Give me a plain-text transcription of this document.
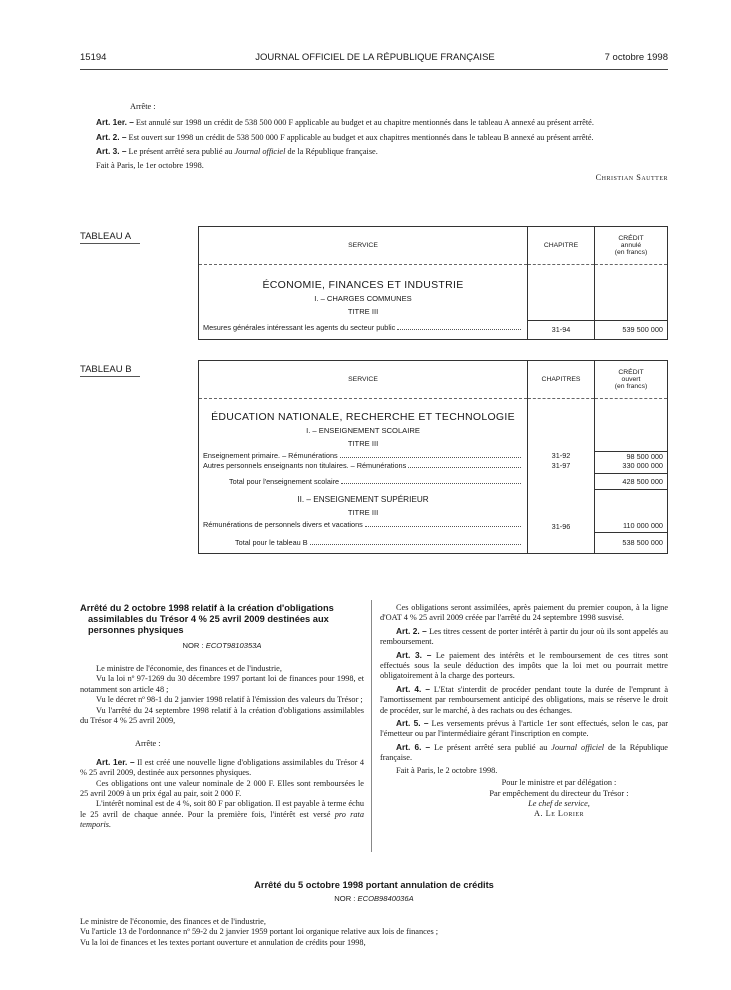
15194	JOURNAL OFFICIEL DE LA RÉPUBLIQUE FRANÇAISE	7 octobre 1998

Arrête :

Art. 1er. – Est annulé sur 1998 un crédit de 538 500 000 F applicable au budget et au chapitre mentionnés dans le tableau A annexé au présent arrêté.

Art. 2. – Est ouvert sur 1998 un crédit de 538 500 000 F applicable au budget et aux chapitres mentionnés dans le tableau B annexé au présent arrêté.

Art. 3. – Le présent arrêté sera publié au Journal officiel de la République française.

Fait à Paris, le 1er octobre 1998.

Christian Sautter

TABLEAU A
SERVICE	CHAPITRE	CRÉDIT
annulé
(en francs)
ÉCONOMIE, FINANCES ET INDUSTRIE		
I. – CHARGES COMMUNES		
TITRE III		

Mesures générales intéressant les agents du secteur public	31-94	539 500 000
TABLEAU B
SERVICE	CHAPITRES	CRÉDIT
ouvert
(en francs)
ÉDUCATION NATIONALE, RECHERCHE ET TECHNOLOGIE		
I. – ENSEIGNEMENT SCOLAIRE		
TITRE III		

Enseignement primaire. – Rémunérations	31-92	98 500 000

Autres personnels enseignants non titulaires. – Rémunérations	31-97	330 000 000

Total pour l'enseignement scolaire		428 500 000
II. – ENSEIGNEMENT SUPÉRIEUR		
TITRE III		

Rémunérations de personnels divers et vacations	31-96	110 000 000

Total pour le tableau B		538 500 000
Arrêté du 2 octobre 1998 relatif à la création d'obligations assimilables du Trésor 4 % 25 avril 2009 destinées aux personnes physiques
NOR : ECOT9810353A

Le ministre de l'économie, des finances et de l'industrie,

Vu la loi nº 97-1269 du 30 décembre 1997 portant loi de finances pour 1998, et notamment son article 48 ;

Vu le décret nº 98-1 du 2 janvier 1998 relatif à l'émission des valeurs du Trésor ;

Vu l'arrêté du 24 septembre 1998 relatif à la création d'obligations assimilables du Trésor 4 % 25 avril 2009,

Arrête :

Art. 1er. – Il est créé une nouvelle ligne d'obligations assimilables du Trésor 4 % 25 avril 2009, destinée aux personnes physiques.

Ces obligations ont une valeur nominale de 2 000 F. Elles sont remboursées le 25 avril 2009 à un prix égal au pair, soit 2 000 F.

L'intérêt nominal est de 4 %, soit 80 F par obligation. Il est payable à terme échu le 25 avril de chaque année. Pour la première fois, l'intérêt est versé pro rata temporis.

Ces obligations seront assimilées, après paiement du premier coupon, à la ligne d'OAT 4 % 25 avril 2009 créée par l'arrêté du 24 septembre 1998 susvisé.

Art. 2. – Les titres cessent de porter intérêt à partir du jour où ils sont appelés au remboursement.

Art. 3. – Le paiement des intérêts et le remboursement de ces titres sont effectués sous la seule déduction des impôts que la loi met ou pourrait mettre obligatoirement à la charge des porteurs.

Art. 4. – L'Etat s'interdit de procéder pendant toute la durée de l'emprunt à l'amortissement par remboursement anticipé des obligations, mais se réserve le droit de procéder, sur le marché, à des rachats ou des échanges.

Art. 5. – Les versements prévus à l'article 1er sont effectués, selon le cas, par l'émetteur ou par l'intermédiaire gérant l'inscription en compte.

Art. 6. – Le présent arrêté sera publié au Journal officiel de la République française.

Fait à Paris, le 2 octobre 1998.

Pour le ministre et par délégation :

Par empêchement du directeur du Trésor :

Le chef de service,

A. Le Lorier

Arrêté du 5 octobre 1998 portant annulation de crédits
NOR : ECOB9840036A

Le ministre de l'économie, des finances et de l'industrie,

Vu l'article 13 de l'ordonnance nº 59-2 du 2 janvier 1959 portant loi organique relative aux lois de finances ;

Vu la loi de finances et les textes portant ouverture et annulation de crédits pour 1998,
